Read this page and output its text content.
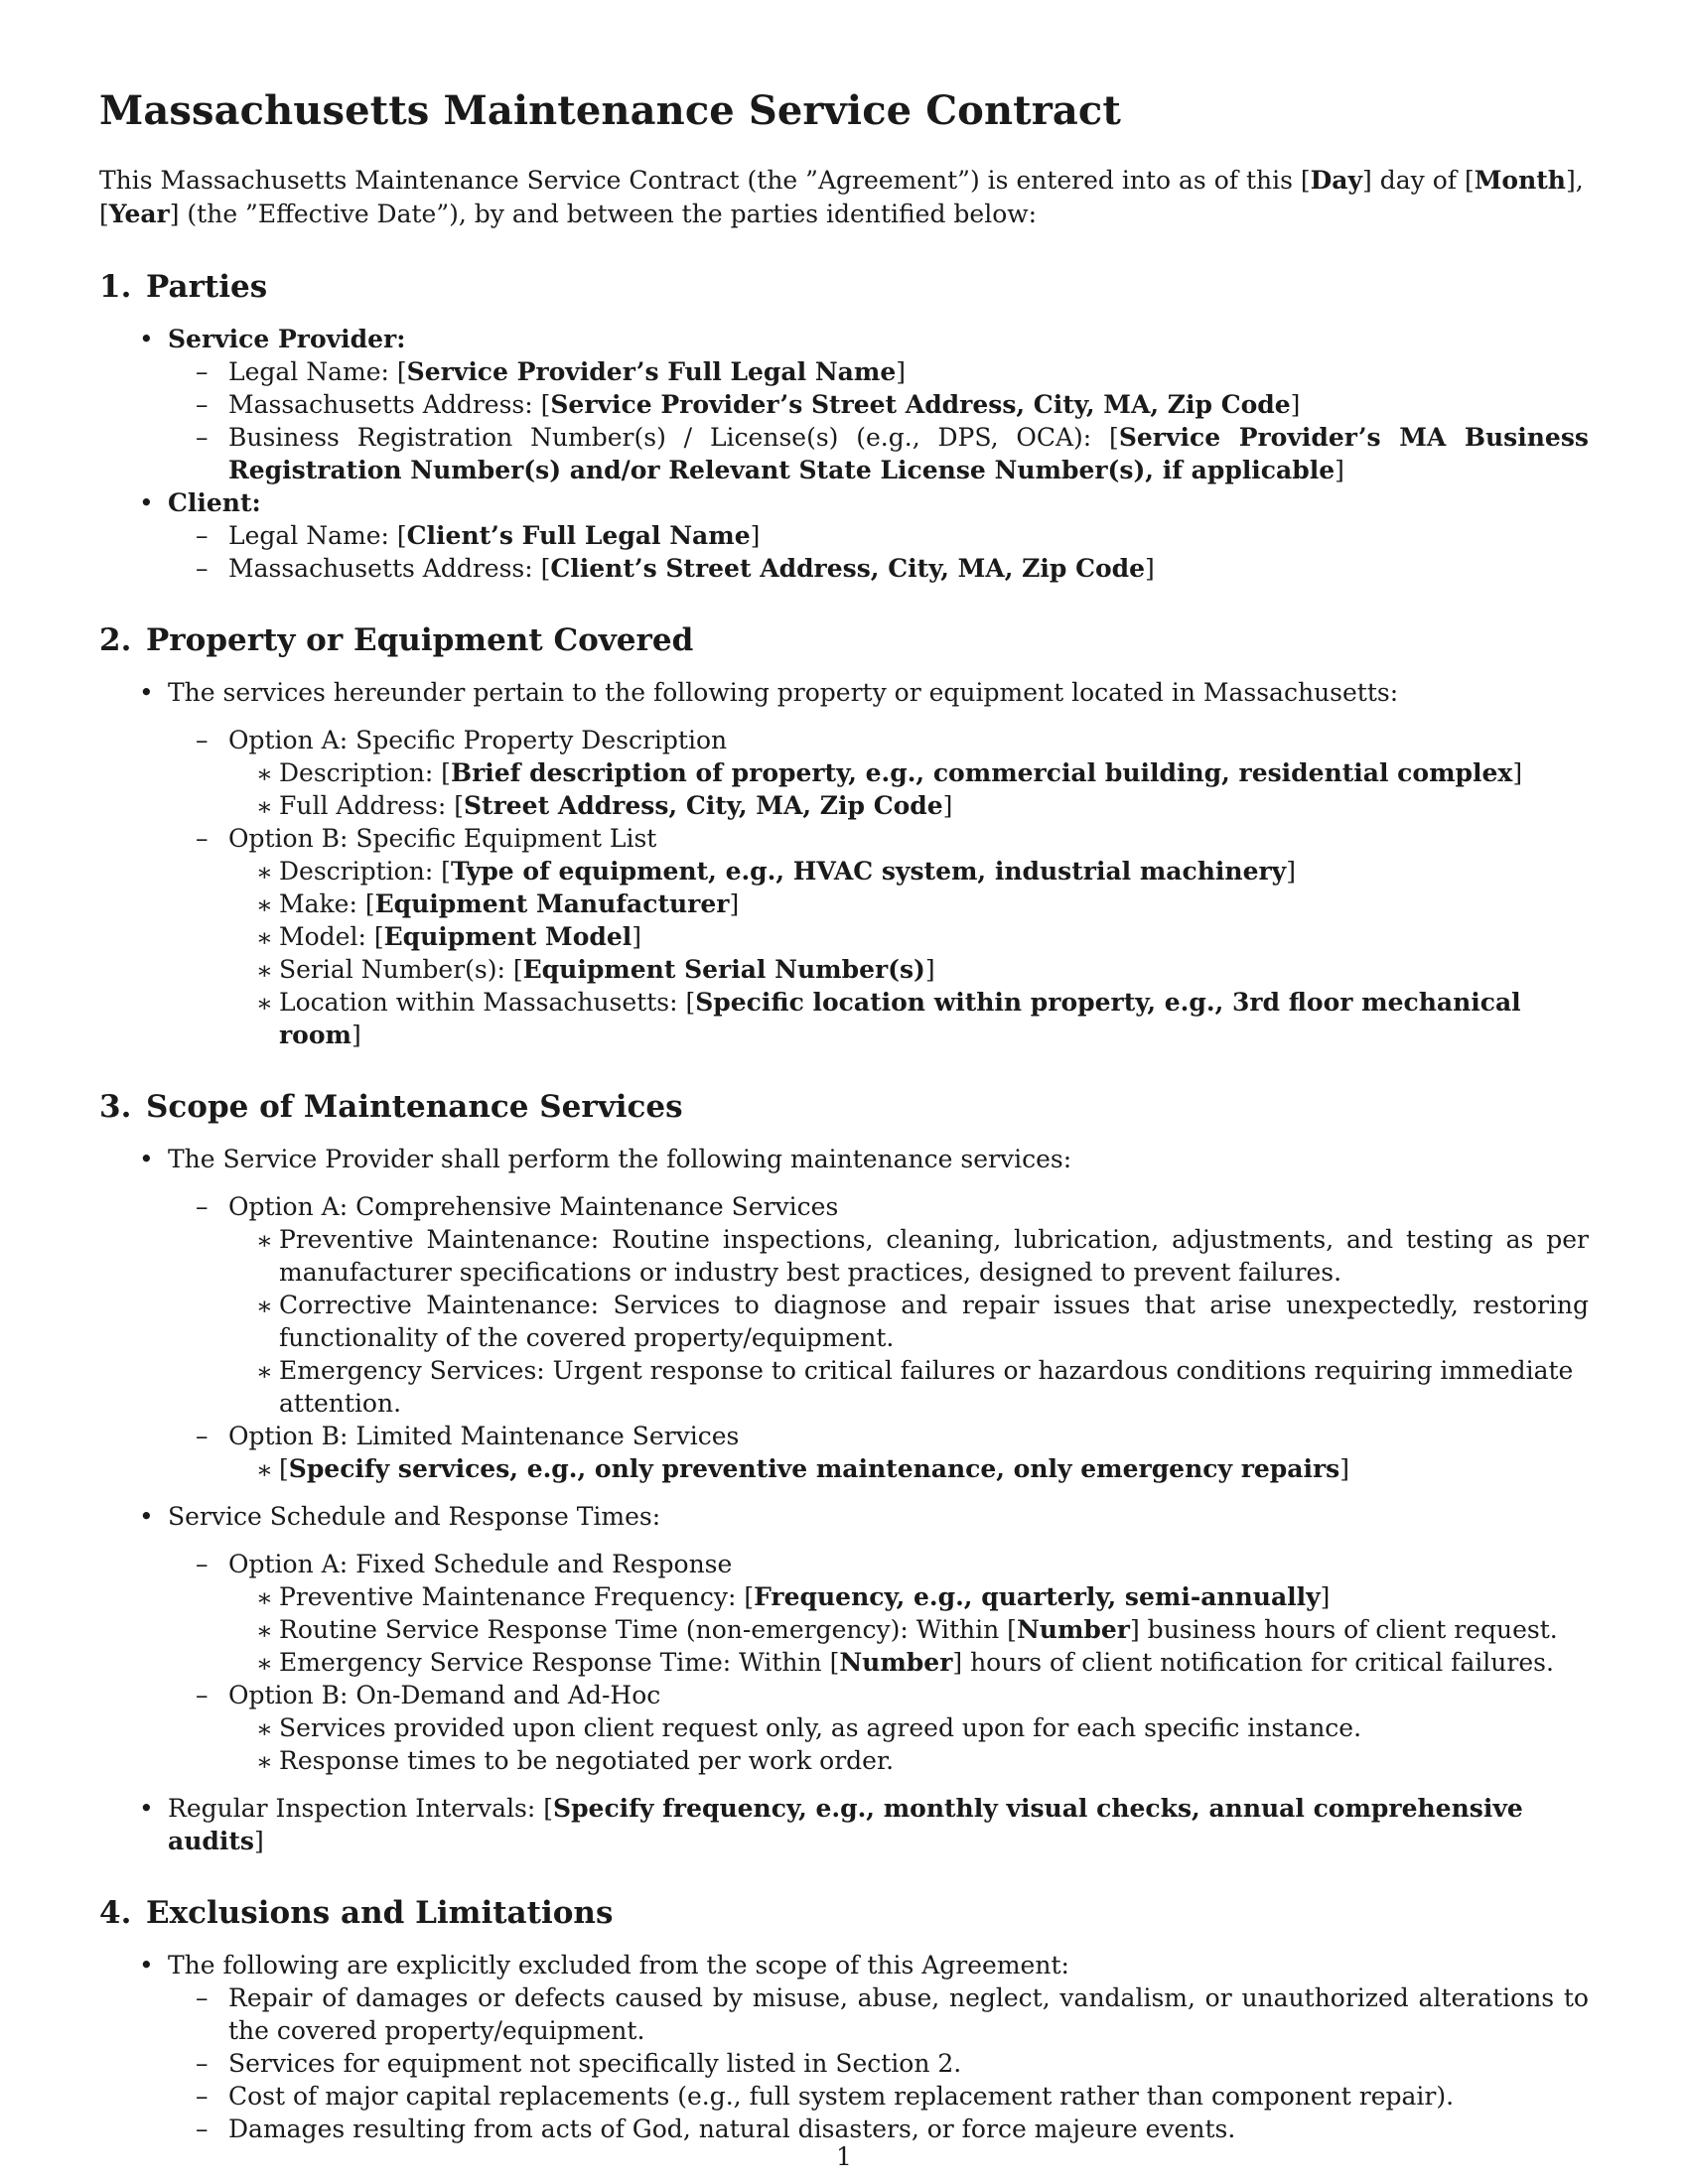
Massachusetts Maintenance Service Contract

This Massachusetts Maintenance Service Contract (the ”Agreement”) is entered into as of this [Day] day of [Month], [Year] (the ”Effective Date”), by and between the parties identified below:

1. Parties
• Service Provider:
– Legal Name: [Service Provider’s Full Legal Name]
– Massachusetts Address: [Service Provider’s Street Address, City, MA, Zip Code]
– Business Registration Number(s) / License(s) (e.g., DPS, OCA): [Service Provider’s MA Business Registration Number(s) and/or Relevant State License Number(s), if applicable]
• Client:
– Legal Name: [Client’s Full Legal Name]
– Massachusetts Address: [Client’s Street Address, City, MA, Zip Code]
2. Property or Equipment Covered
• The services hereunder pertain to the following property or equipment located in Massachusetts:
– Option A: Specific Property Description
∗ Description: [Brief description of property, e.g., commercial building, residential complex]
∗ Full Address: [Street Address, City, MA, Zip Code]
– Option B: Specific Equipment List
∗ Description: [Type of equipment, e.g., HVAC system, industrial machinery]
∗ Make: [Equipment Manufacturer]
∗ Model: [Equipment Model]
∗ Serial Number(s): [Equipment Serial Number(s)]
∗ Location within Massachusetts: [Specific location within property, e.g., 3rd floor mechanical room]
3. Scope of Maintenance Services
• The Service Provider shall perform the following maintenance services:
– Option A: Comprehensive Maintenance Services
∗ Preventive Maintenance: Routine inspections, cleaning, lubrication, adjustments, and testing as per manufacturer specifications or industry best practices, designed to prevent failures.
∗ Corrective Maintenance: Services to diagnose and repair issues that arise unexpectedly, restoring functionality of the covered property/equipment.
∗ Emergency Services: Urgent response to critical failures or hazardous conditions requiring immediate attention.
– Option B: Limited Maintenance Services
∗ [Specify services, e.g., only preventive maintenance, only emergency repairs]
• Service Schedule and Response Times:
– Option A: Fixed Schedule and Response
∗ Preventive Maintenance Frequency: [Frequency, e.g., quarterly, semi-annually]
∗ Routine Service Response Time (non-emergency): Within [Number] business hours of client request.
∗ Emergency Service Response Time: Within [Number] hours of client notification for critical failures.
– Option B: On-Demand and Ad-Hoc
∗ Services provided upon client request only, as agreed upon for each specific instance.
∗ Response times to be negotiated per work order.
• Regular Inspection Intervals: [Specify frequency, e.g., monthly visual checks, annual comprehensive audits]
4. Exclusions and Limitations
• The following are explicitly excluded from the scope of this Agreement:
– Repair of damages or defects caused by misuse, abuse, neglect, vandalism, or unauthorized alterations to the covered property/equipment.
– Services for equipment not specifically listed in Section 2.
– Cost of major capital replacements (e.g., full system replacement rather than component repair).
– Damages resulting from acts of God, natural disasters, or force majeure events.
1
